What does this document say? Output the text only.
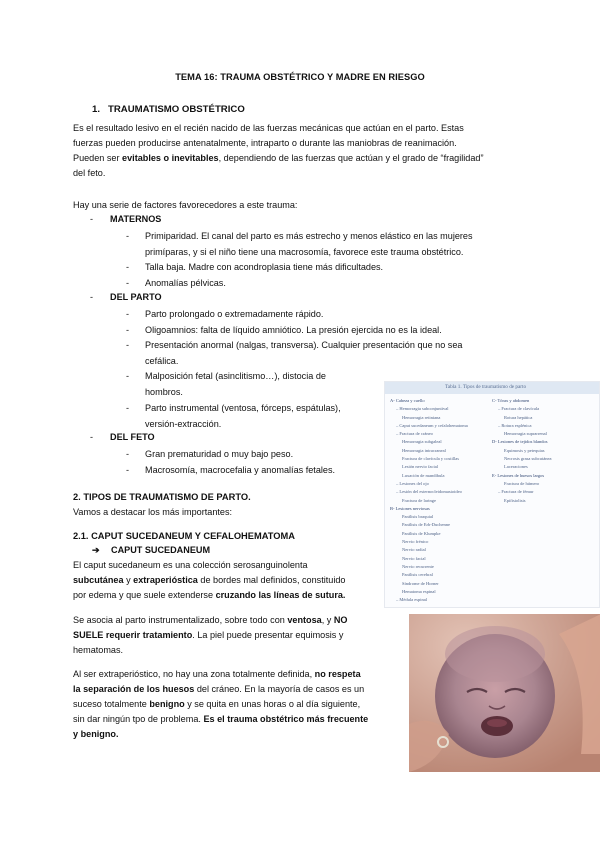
TEMA 16: TRAUMA OBSTÉTRICO Y MADRE EN RIESGO
1. TRAUMATISMO OBSTÉTRICO
Es el resultado lesivo en el recién nacido de las fuerzas mecánicas que actúan en el parto. Estas
fuerzas pueden producirse antenatalmente, intraparto o durante las maniobras de reanimación.
Pueden ser evitables o inevitables, dependiendo de las fuerzas que actúan y el grado de “fragilidad”
del feto.
Hay una serie de factores favorecedores a este trauma:
- MATERNOS
- Primiparidad. El canal del parto es más estrecho y menos elástico en las mujeres
primíparas, y si el niño tiene una macrosomía, favorece este trauma obstétrico.
- Talla baja. Madre con acondroplasia tiene más dificultades.
- Anomalías pélvicas.
- DEL PARTO
- Parto prolongado o extremadamente rápido.
- Oligoamnios: falta de líquido amniótico. La presión ejercida no es la ideal.
- Presentación anormal (nalgas, transversa). Cualquier presentación que no sea
cefálica.
- Malposición fetal (asinclitismo…), distocia de
hombros.
- Parto instrumental (ventosa, fórceps, espátulas),
versión-extracción.
- DEL FETO
- Gran prematuridad o muy bajo peso.
- Macrosomía, macrocefalia y anomalías fetales.
2. TIPOS DE TRAUMATISMO DE PARTO.
Vamos a destacar los más importantes:
2.1. CAPUT SUCEDANEUM Y CEFALOHEMATOMA
➔ CAPUT SUCEDANEUM
El caput sucedaneum es una colección serosanguinolenta
subcutánea y extraperióstica de bordes mal definidos, constituido
por edema y que suele extenderse cruzando las líneas de sutura.
Se asocia al parto instrumentalizado, sobre todo con ventosa, y NO
SUELE requerir tratamiento. La piel puede presentar equimosis y
hematomas.
Al ser extraperióstico, no hay una zona totalmente definida, no respeta
la separación de los huesos del cráneo. En la mayoría de casos es un
suceso totalmente benigno y se quita en unas horas o al día siguiente,
sin dar ningún tpo de problema. Es el trauma obstétrico más frecuente
y benigno.
Tabla 1. Tipos de traumatismo de parto
A- Cabeza y cuello
– Hemorragia subconjuntival
Hemorragia retiniana
– Caput sucedaneum y cefalohematoma
– Fractura de cráneo
Hemorragia subgaleal
Hemorragia intracraneal
Fractura de clavícula y costillas
Lesión nervio facial
Luxación de mandíbula
– Lesiones del ojo
– Lesión del esternocleidomastoideo
Fractura de laringe
B- Lesiones nerviosas
Parálisis braquial
Parálisis de Erb-Duchenne
Parálisis de Klumpke
Nervio frénico
Nervio radial
Nervio facial
Nervio recurrente
Parálisis cerebral
Síndrome de Horner
Hematoma espinal
– Médula espinal
C- Tórax y abdomen
– Fractura de clavícula
Rotura hepática
– Rotura esplénica
Hemorragia suprarrenal
D- Lesiones de tejidos blandos
Equimosis y petequias
Necrosis grasa subcutánea
Laceraciones
E- Lesiones de huesos largos
Fractura de húmero
– Fractura de fémur
Epifisiolisis
